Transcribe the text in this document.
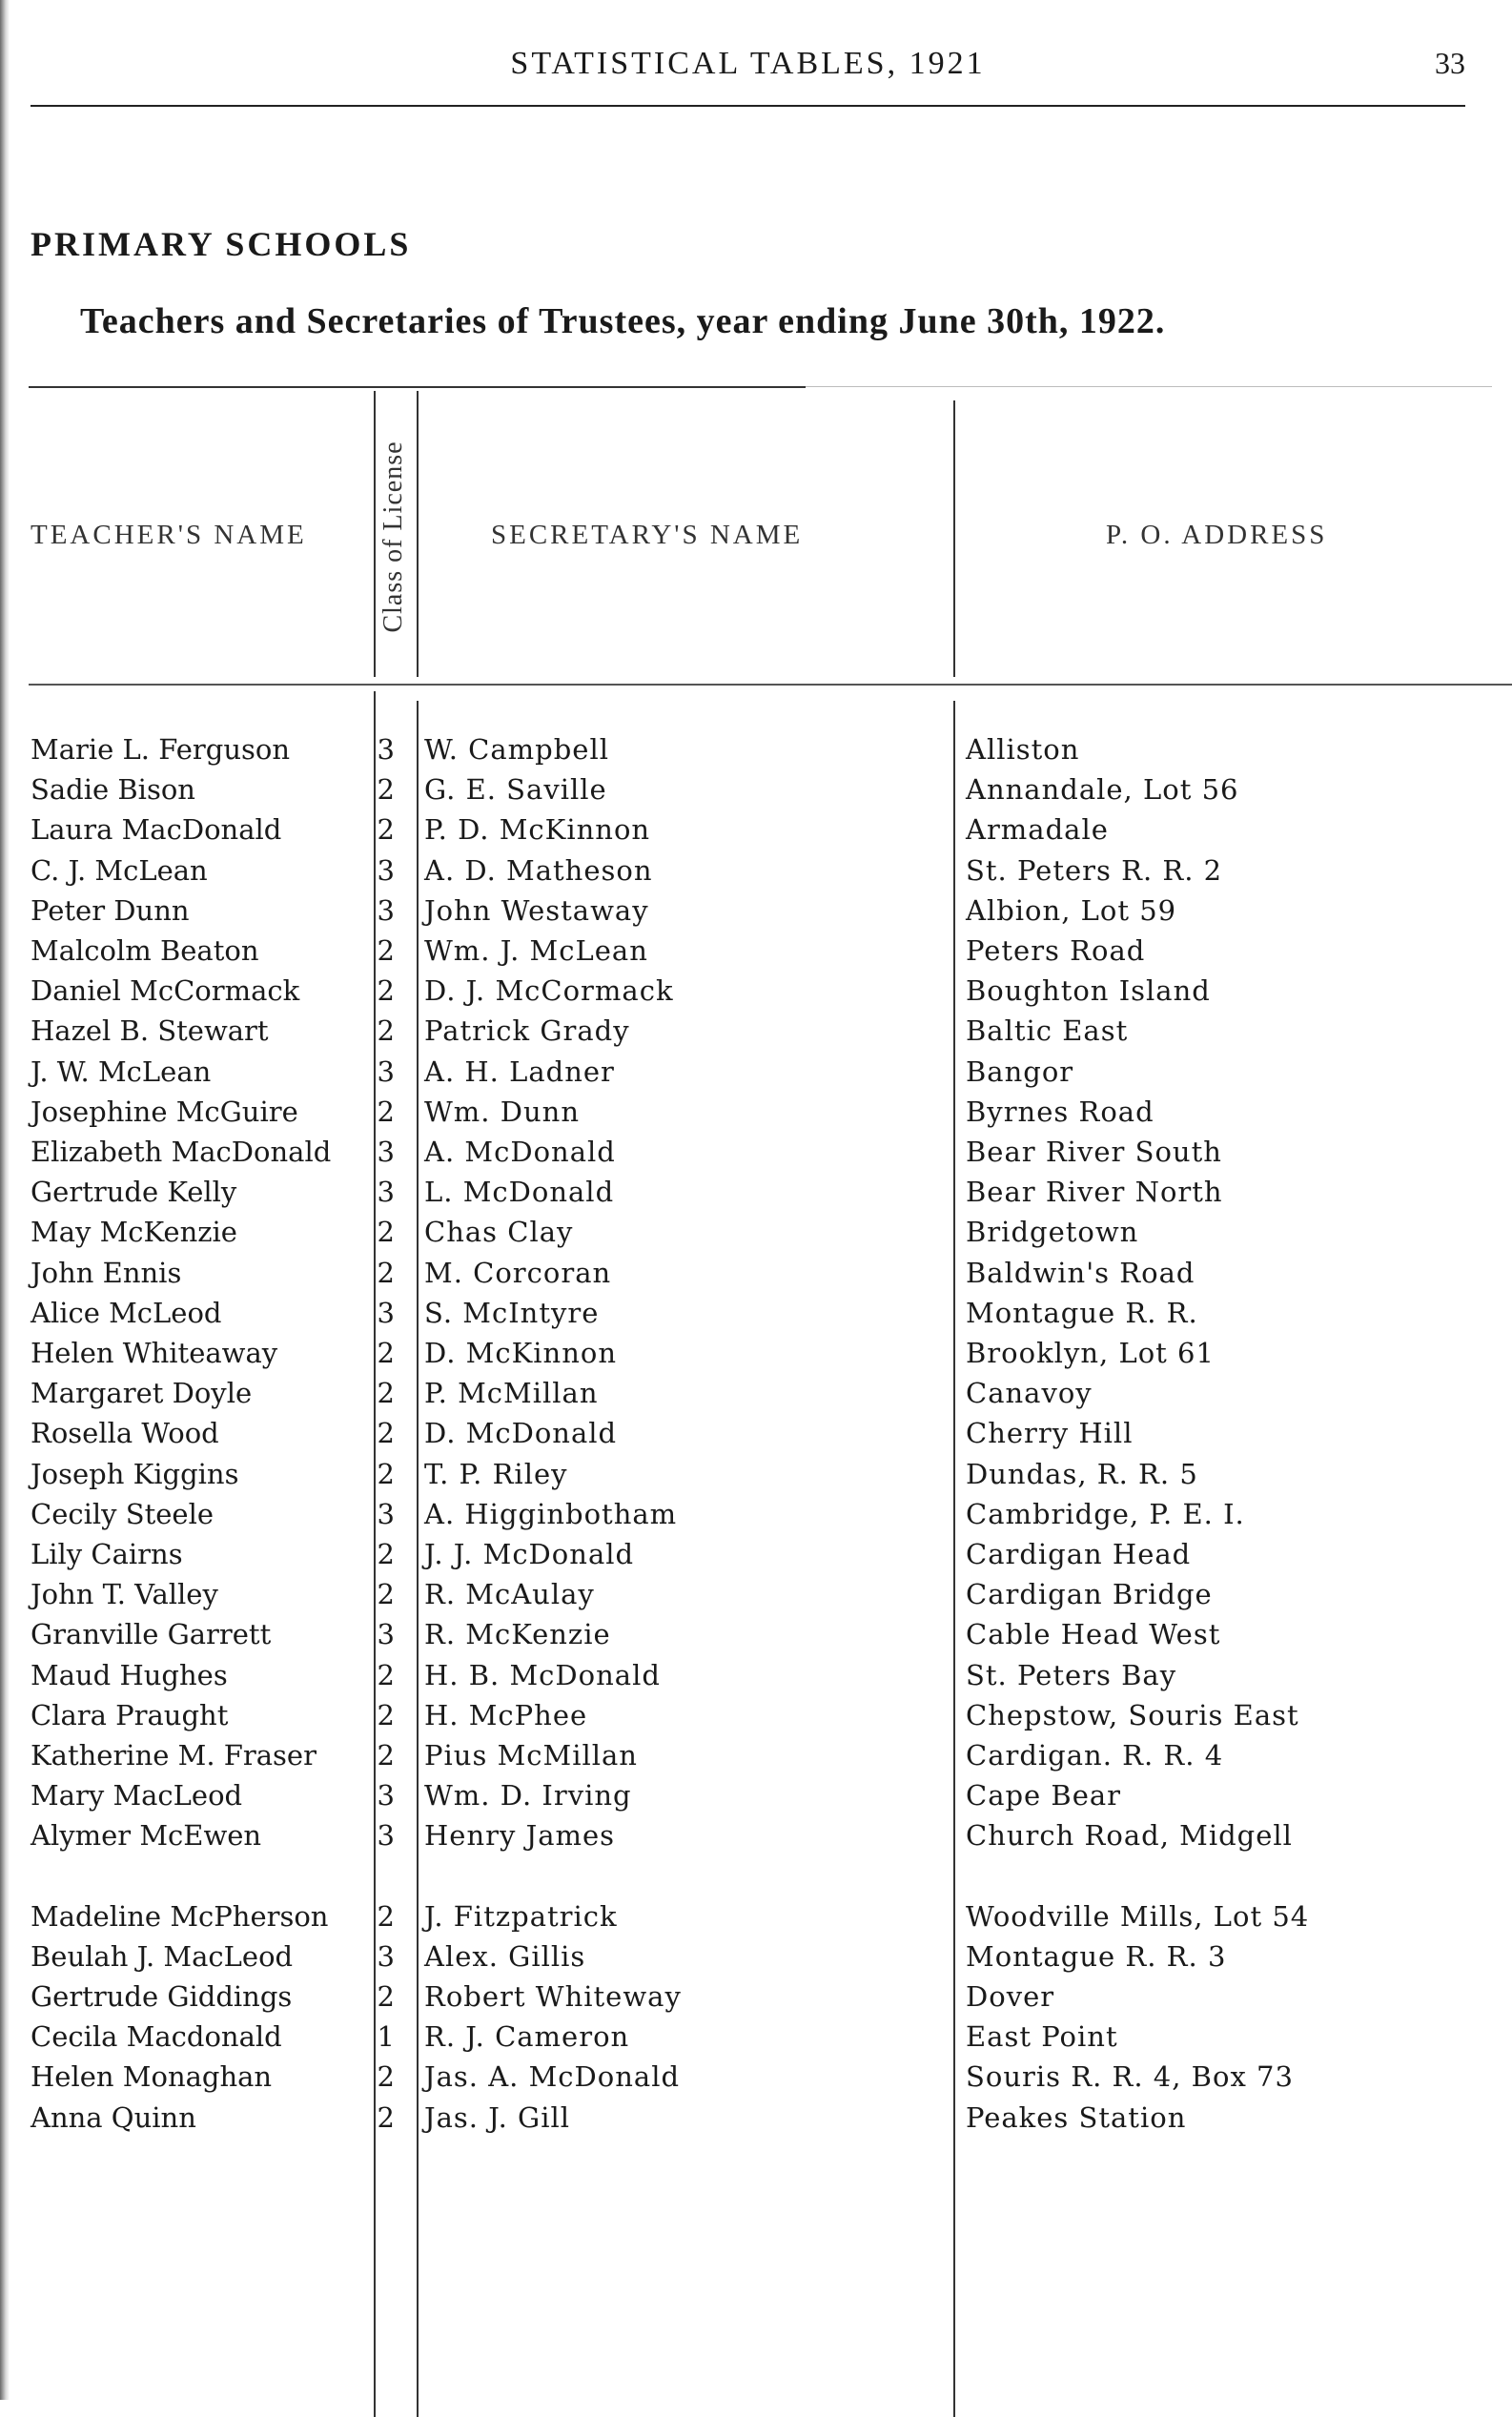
STATISTICAL TABLES, 1921	33
PRIMARY SCHOOLS
Teachers and Secretaries of Trustees, year ending June 30th, 1922.
TEACHER'S NAME	Class of License	SECRETARY'S NAME	P. O. ADDRESS
Marie L. Ferguson	3 W. Campbell	Alliston
Sadie Bison	2 G. E. Saville	Annandale, Lot 56
Laura MacDonald	2 P. D. McKinnon	Armadale
C. J. McLean	3 A. D. Matheson	St. Peters R. R. 2
Peter Dunn	3 John Westaway	Albion, Lot 59
Malcolm Beaton	2 Wm. J. McLean	Peters Road
Daniel McCormack	2 D. J. McCormack	Boughton Island
Hazel B. Stewart	2 Patrick Grady	Baltic East
J. W. McLean	3 A. H. Ladner	Bangor
Josephine McGuire	2 Wm. Dunn	Byrnes Road
Elizabeth MacDonald	3 A. McDonald	Bear River South
Gertrude Kelly	3 L. McDonald	Bear River North
May McKenzie	2 Chas Clay	Bridgetown
John Ennis	2 M. Corcoran	Baldwin's Road
Alice McLeod	3 S. McIntyre	Montague R. R.
Helen Whiteaway	2 D. McKinnon	Brooklyn, Lot 61
Margaret Doyle	2 P. McMillan	Canavoy
Rosella Wood	2 D. McDonald	Cherry Hill
Joseph Kiggins	2 T. P. Riley	Dundas, R. R. 5
Cecily Steele	3 A. Higginbotham	Cambridge, P. E. I.
Lily Cairns	2 J. J. McDonald	Cardigan Head
John T. Valley	2 R. McAulay	Cardigan Bridge
Granville Garrett	3 R. McKenzie	Cable Head West
Maud Hughes	2 H. B. McDonald	St. Peters Bay
Clara Praught	2 H. McPhee	Chepstow, Souris East
Katherine M. Fraser	2 Pius McMillan	Cardigan. R. R. 4
Mary MacLeod	3 Wm. D. Irving	Cape Bear
Alymer McEwen	3 Henry James	Church Road, Midgell
Madeline McPherson	2 J. Fitzpatrick	Woodville Mills, Lot 54
Beulah J. MacLeod	3 Alex. Gillis	Montague R. R. 3
Gertrude Giddings	2 Robert Whiteway	Dover
Cecila Macdonald	1 R. J. Cameron	East Point
Helen Monaghan	2 Jas. A. McDonald	Souris R. R. 4, Box 73
Anna Quinn	2 Jas. J. Gill	Peakes Station
